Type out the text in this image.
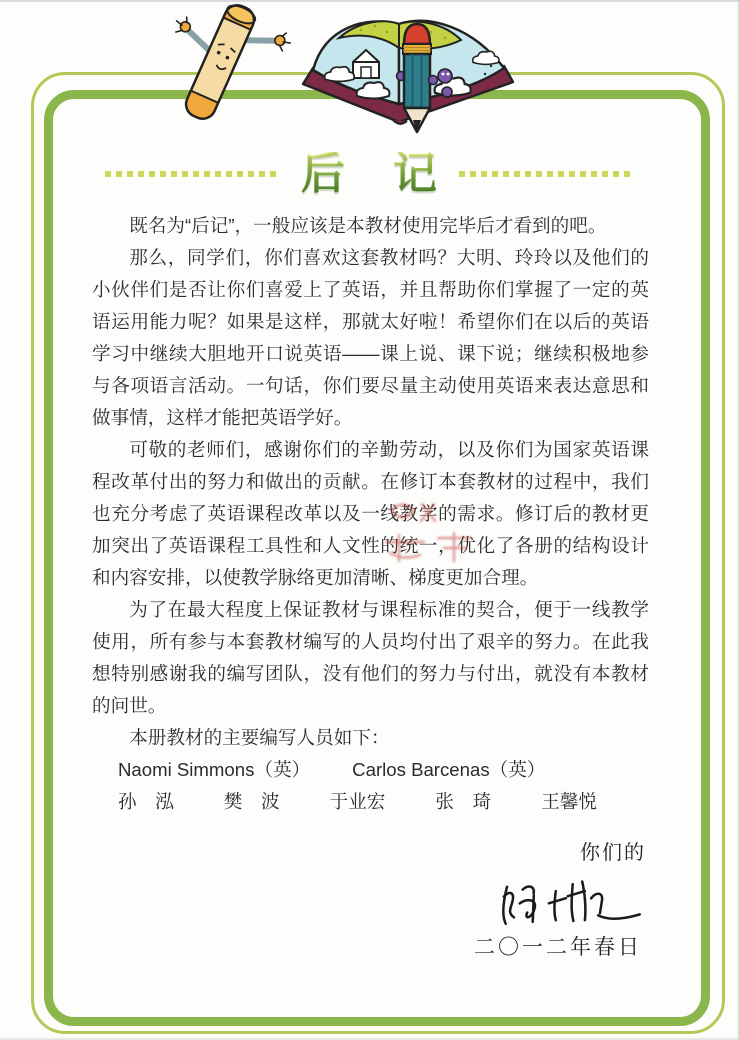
后　记

既名为“后记”，一般应该是本教材使用完毕后才看到的吧。

那么，同学们，你们喜欢这套教材吗？大明、玲玲以及他们的小伙伴们是否让你们喜爱上了英语，并且帮助你们掌握了一定的英语运用能力呢？如果是这样，那就太好啦！希望你们在以后的英语学习中继续大胆地开口说英语——课上说、课下说；继续积极地参与各项语言活动。一句话，你们要尽量主动使用英语来表达意思和做事情，这样才能把英语学好。

可敬的老师们，感谢你们的辛勤劳动，以及你们为国家英语课程改革付出的努力和做出的贡献。在修订本套教材的过程中，我们也充分考虑了英语课程改革以及一线教学的需求。修订后的教材更加突出了英语课程工具性和人文性的统一，优化了各册的结构设计和内容安排，以使教学脉络更加清晰、梯度更加合理。

为了在最大程度上保证教材与课程标准的契合，便于一线教学使用，所有参与本套教材编写的人员均付出了艰辛的努力。在此我想特别感谢我的编写团队，没有他们的努力与付出，就没有本教材的问世。

本册教材的主要编写人员如下：

Naomi Simmons（英） Carlos Barcenas（英）
孙　泓	樊　波	于业宏	张　琦	王馨悦
你们的
二〇一二年春日
